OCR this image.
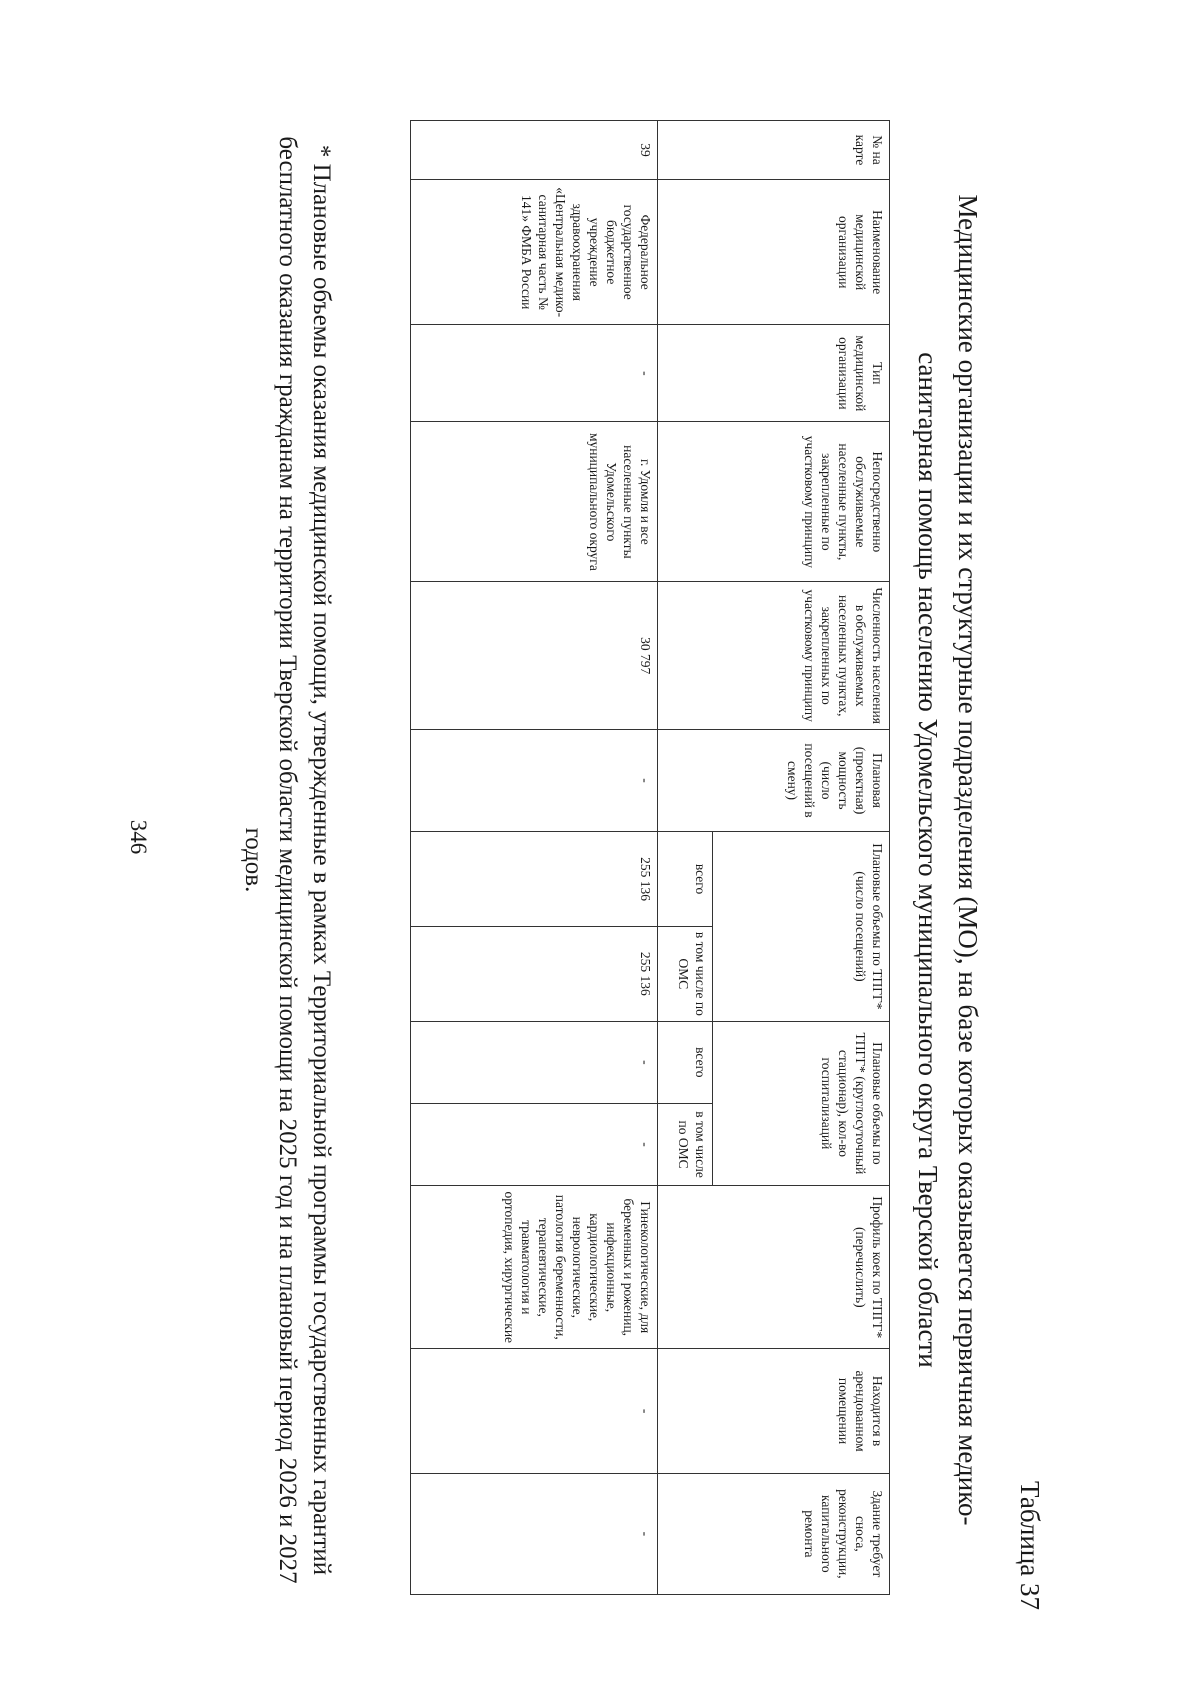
346
Таблица 37
Медицинские организации и их структурные подразделения (МО), на базе которых оказывается первичная медико-
санитарная помощь населению Удомельского муниципального округа Тверской области
№ на карте	Наименование медицинской организации	Тип медицинской организации	Непосредственно обслуживаемые населенные пункты, закрепленные по участковому принципу	Численность населения в обслуживаемых населенных пунктах, закрепленных по участковому принципу	Плановая (проектная) мощность (число посещений в смену)	Плановые объемы по ТПГГ* (число посещений)		Плановые объемы по ТПГГ* (круглосуточный стационар), кол-во госпитализаций		Профиль коек по ТПГГ* (перечислить)	Находится в арендованном помещении	Здание требует сноса, реконструкции, капитального ремонта
						всего	в том числе по ОМС	всего	в том числе по ОМС			
39	Федеральное государственное бюджетное учреждение здравоохранения «Центральная медико-санитарная часть № 141» ФМБА России	-	г. Удомля и все населенные пункты Удомельского муниципального округа	30 797	-	255 136	255 136	-	-	Гинекологические, для беременных и рожениц, инфекционные, кардиологические, неврологические, патология беременности, терапевтические, травматология и ортопедия, хирургические	-	-
* Плановые объемы оказания медицинской помощи, утвержденные в рамках Территориальной программы государственных гарантий
бесплатного оказания гражданам на территории Тверской области медицинской помощи на 2025 год и на плановый период 2026 и 2027 годов.
